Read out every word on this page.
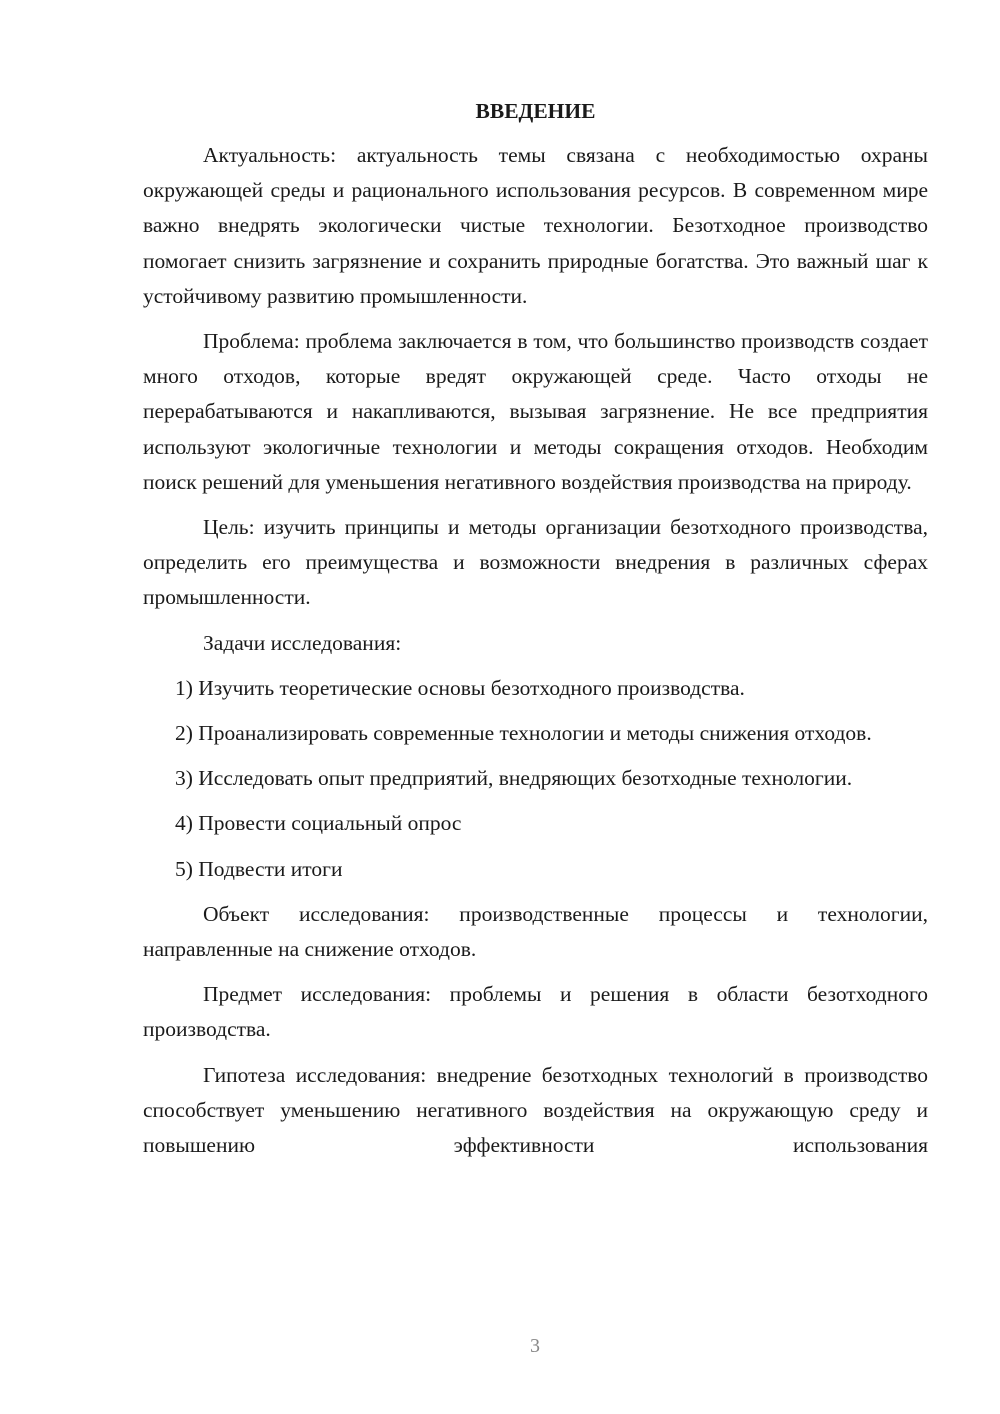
ВВЕДЕНИЕ

Актуальность: актуальность темы связана с необходимостью охраны окружающей среды и рационального использования ресурсов. В современном мире важно внедрять экологически чистые технологии. Безотходное производство помогает снизить загрязнение и сохранить природные богатства. Это важный шаг к устойчивому развитию промышленности.

Проблема: проблема заключается в том, что большинство производств создает много отходов, которые вредят окружающей среде. Часто отходы не перерабатываются и накапливаются, вызывая загрязнение. Не все предприятия используют экологичные технологии и методы сокращения отходов. Необходим поиск решений для уменьшения негативного воздействия производства на природу.

Цель: изучить принципы и методы организации безотходного производства, определить его преимущества и возможности внедрения в различных сферах промышленности.

Задачи исследования:

1) Изучить теоретические основы безотходного производства.

2) Проанализировать современные технологии и методы снижения отходов.

3) Исследовать опыт предприятий, внедряющих безотходные технологии.

4) Провести социальный опрос

5) Подвести итоги

Объект исследования: производственные процессы и технологии, направленные на снижение отходов.

Предмет исследования: проблемы и решения в области безотходного производства.

Гипотеза исследования: внедрение безотходных технологий в производство способствует уменьшению негативного воздействия на окружающую среду и повышению эффективности использования

3
